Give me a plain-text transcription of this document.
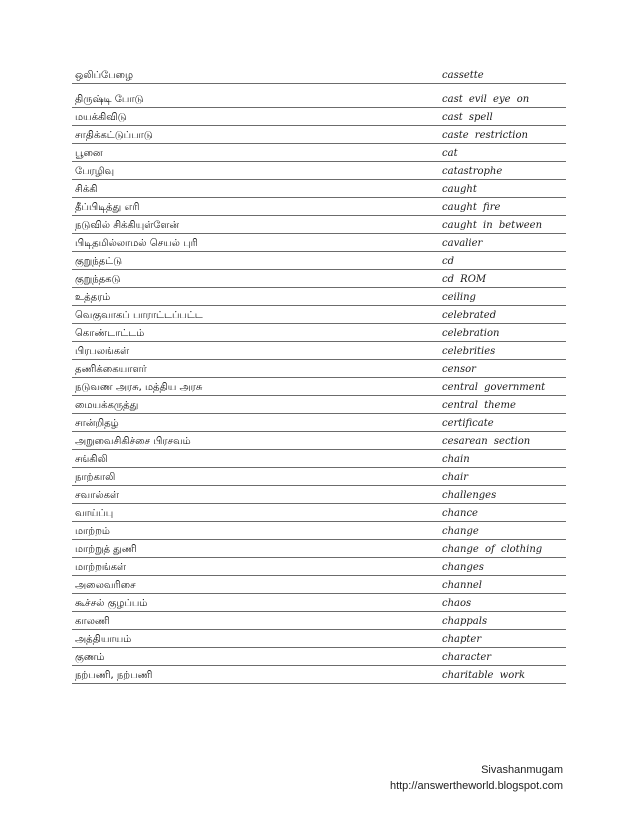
ஒலிப்பேழை	cassette
திருஷ்டி போடு	cast evil eye on
மயக்கிவிடு	cast spell
சாதிக்கட்டுப்பாடு	caste restriction
பூனை	cat
பேரழிவு	catastrophe
சிக்கி	caught
தீப்பிடித்து எரி	caught fire
நடுவில் சிக்கியுள்ளேன்	caught in between
பிடிதமில்லாமல் செயல் புரி	cavalier
குறுந்தட்டு	cd
குறுந்தகடு	cd ROM
உத்தரம்	ceiling
வெகுவாகப் பாராட்டப்பட்ட	celebrated
கொண்டாட்டம்	celebration
பிரபலங்கள்	celebrities
தணிக்கையாளர்	censor
நடுவண அரசு, மத்திய அரசு	central government
மையக்கருத்து	central theme
சான்றிதழ்	certificate
அறுவைசிகிச்சை பிரசவம்	cesarean section
சங்கிலி	chain
நாற்காலி	chair
சவால்கள்	challenges
வாய்ப்பு	chance
மாற்றம்	change
மாற்றுத் துணி	change of clothing
மாற்றங்கள்	changes
அலைவரிசை	channel
கூச்சல் குழப்பம்	chaos
காலணி	chappals
அத்தியாயம்	chapter
குணம்	character
நற்பணி, நற்பணி	charitable work
Sivashanmugam
http://answertheworld.blogspot.com
